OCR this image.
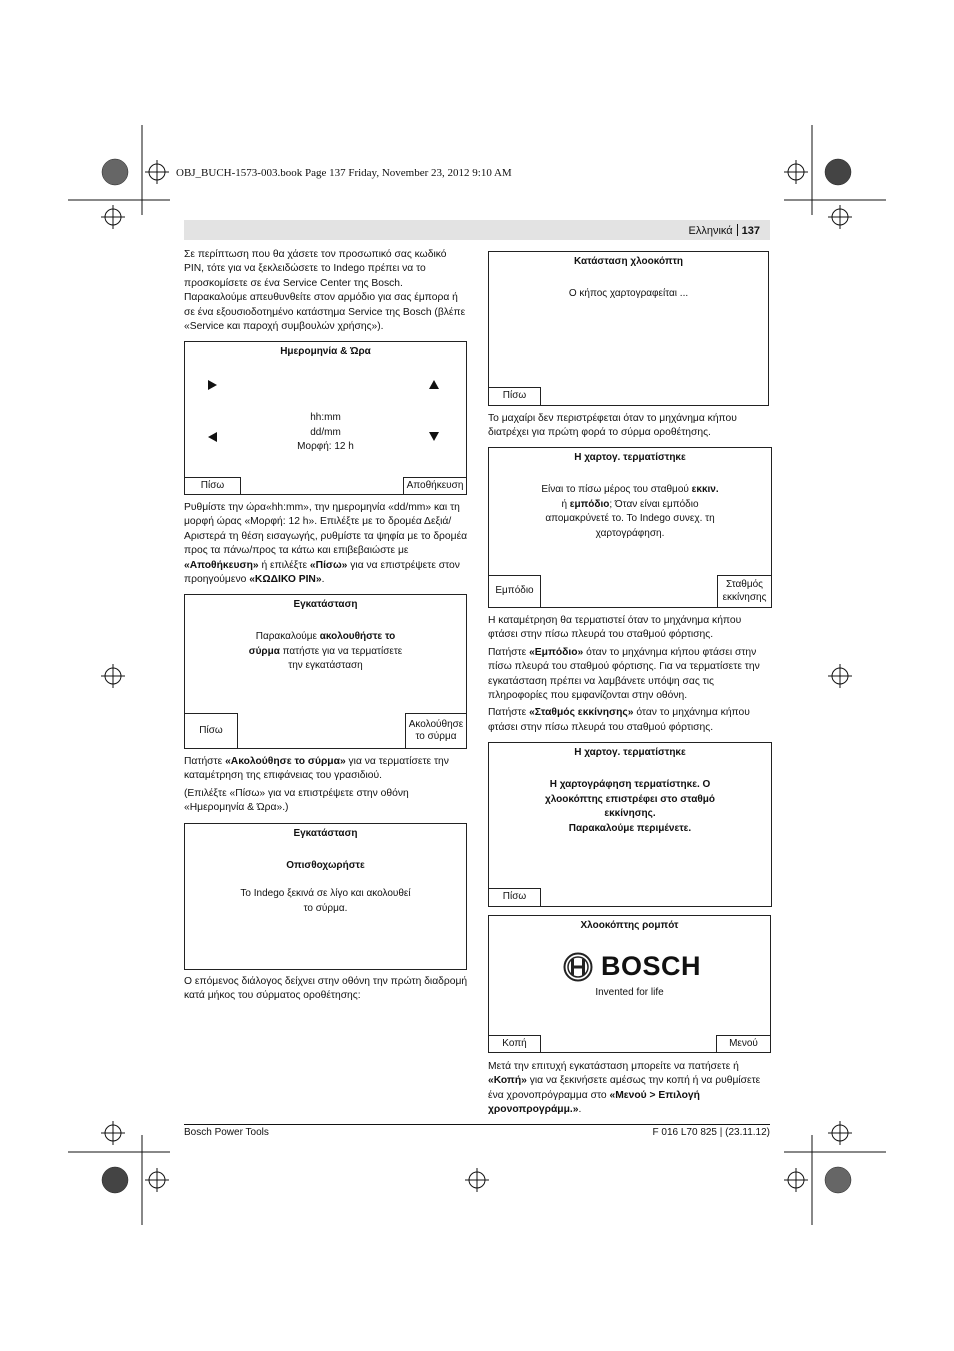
OBJ_BUCH-1573-003.book Page 137 Friday, November 23, 2012 9:10 AM
Ελληνικά 137

Σε περίπτωση που θα χάσετε τον προσωπικό σας κωδικό PIN, τότε για να ξεκλειδώσετε το Indego πρέπει να το προσκομίσετε σε ένα Service Center της Bosch. Παρακαλούμε απευθυνθείτε στον αρμόδιο για σας έμπορα ή σε ένα εξουσιοδοτημένο κατάστημα Service της Bosch (βλέπε «Service και παροχή συμβουλών χρήσης»).

Ημερομηνία & Ώρα
hh:mm
dd/mm
Μορφή: 12 h
Πίσω	Αποθήκευση

Ρυθμίστε την ώρα«hh:mm», την ημερομηνία «dd/mm» και τη μορφή ώρας «Μορφή: 12 h». Επιλέξτε με το δρομέα Δεξιά/Αριστερά τη θέση εισαγωγής, ρυθμίστε τα ψηφία με το δρομέα προς τα πάνω/προς τα κάτω και επιβεβαιώστε με «Αποθήκευση» ή επιλέξτε «Πίσω» για να επιστρέψετε στον προηγούμενο «ΚΩΔΙΚΟ PIN».

Εγκατάσταση
Παρακαλούμε ακολουθήστε το
σύρμα πατήστε για να τερματίσετε
την εγκατάσταση
Πίσω
Ακολούθησε
το σύρμα

Πατήστε «Ακολούθησε το σύρμα» για να τερματίσετε την καταμέτρηση της επιφάνειας του γρασιδιού.

(Επιλέξτε «Πίσω» για να επιστρέψετε στην οθόνη «Ημερομηνία & Ώρα».)

Εγκατάσταση
Οπισθοχωρήστε
Το Indego ξεκινά σε λίγο και ακολουθεί
το σύρμα.

Ο επόμενος διάλογος δείχνει στην οθόνη την πρώτη διαδρομή κατά μήκος του σύρματος οροθέτησης:

Κατάσταση χλοοκόπτη
Ο κήπος χαρτογραφείται ...
Πίσω

Το μαχαίρι δεν περιστρέφεται όταν το μηχάνημα κήπου διατρέχει για πρώτη φορά το σύρμα οροθέτησης.

Η χαρτογ. τερματίστηκε
Είναι το πίσω μέρος του σταθμού εκκιν.
ή εμπόδιο; Όταν είναι εμπόδιο
απομακρύνετέ το. Το Indego συνεχ. τη
χαρτογράφηση.
Εμπόδιο
Σταθμός
εκκίνησης

Η καταμέτρηση θα τερματιστεί όταν το μηχάνημα κήπου φτάσει στην πίσω πλευρά του σταθμού φόρτισης.

Πατήστε «Εμπόδιο» όταν το μηχάνημα κήπου φτάσει στην πίσω πλευρά του σταθμού φόρτισης. Για να τερματίσετε την εγκατάσταση πρέπει να λαμβάνετε υπόψη σας τις πληροφορίες που εμφανίζονται στην οθόνη.

Πατήστε «Σταθμός εκκίνησης» όταν το μηχάνημα κήπου φτάσει στην πίσω πλευρά του σταθμού φόρτισης.

Η χαρτογ. τερματίστηκε
Η χαρτογράφηση τερματίστηκε. Ο
χλοοκόπτης επιστρέφει στο σταθμό
εκκίνησης.
Παρακαλούμε περιμένετε.
Πίσω
Χλοοκόπτης ρομπότ
BOSCH
Invented for life
Κοπή	Μενού

Μετά την επιτυχή εγκατάσταση μπορείτε να πατήσετε ή «Κοπή» για να ξεκινήσετε αμέσως την κοπή ή να ρυθμίσετε ένα χρονοπρόγραμμα στο «Μενού > Επιλογή χρονοπρογράμμ.».

Bosch Power Tools	F 016 L70 825 | (23.11.12)
